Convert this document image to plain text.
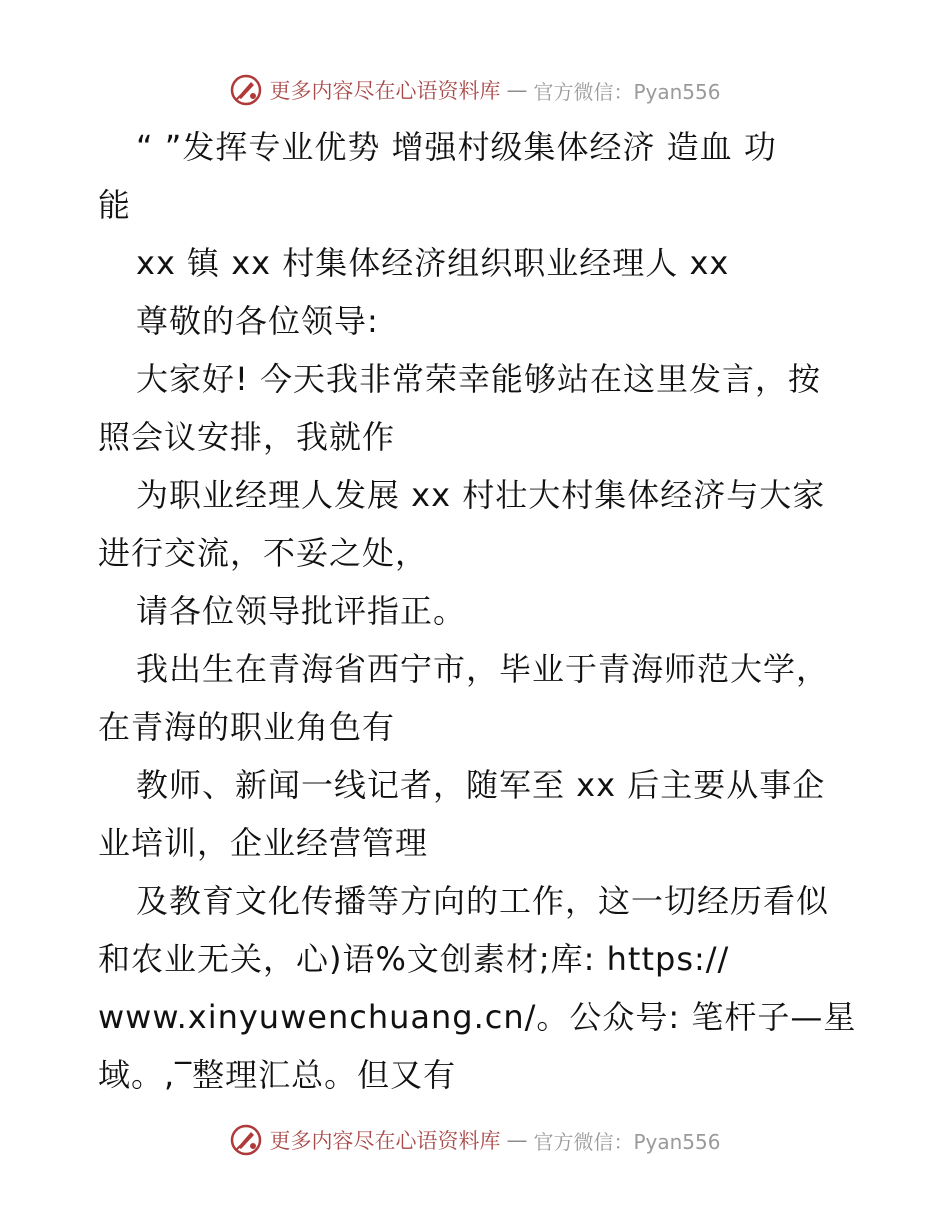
更多内容尽在心语资料库 — 官方微信：Pyan556
“ ”发挥专业优势 增强村级集体经济 造血 功
能
xx 镇 xx 村集体经济组织职业经理人 xx
尊敬的各位领导:
大家好! 今天我非常荣幸能够站在这里发言，按
照会议安排，我就作
为职业经理人发展 xx 村壮大村集体经济与大家
进行交流，不妥之处，
请各位领导批评指正。
我出生在青海省西宁市，毕业于青海师范大学，
在青海的职业角色有
教师、新闻一线记者，随军至 xx 后主要从事企
业培训，企业经营管理
及教育文化传播等方向的工作，这一切经历看似
和农业无关，心)语%文创素材;库: https://
www.xinyuwenchuang.cn/。公众号: 笔杆子—星
域。,‾整理汇总。但又有
更多内容尽在心语资料库 — 官方微信：Pyan556
